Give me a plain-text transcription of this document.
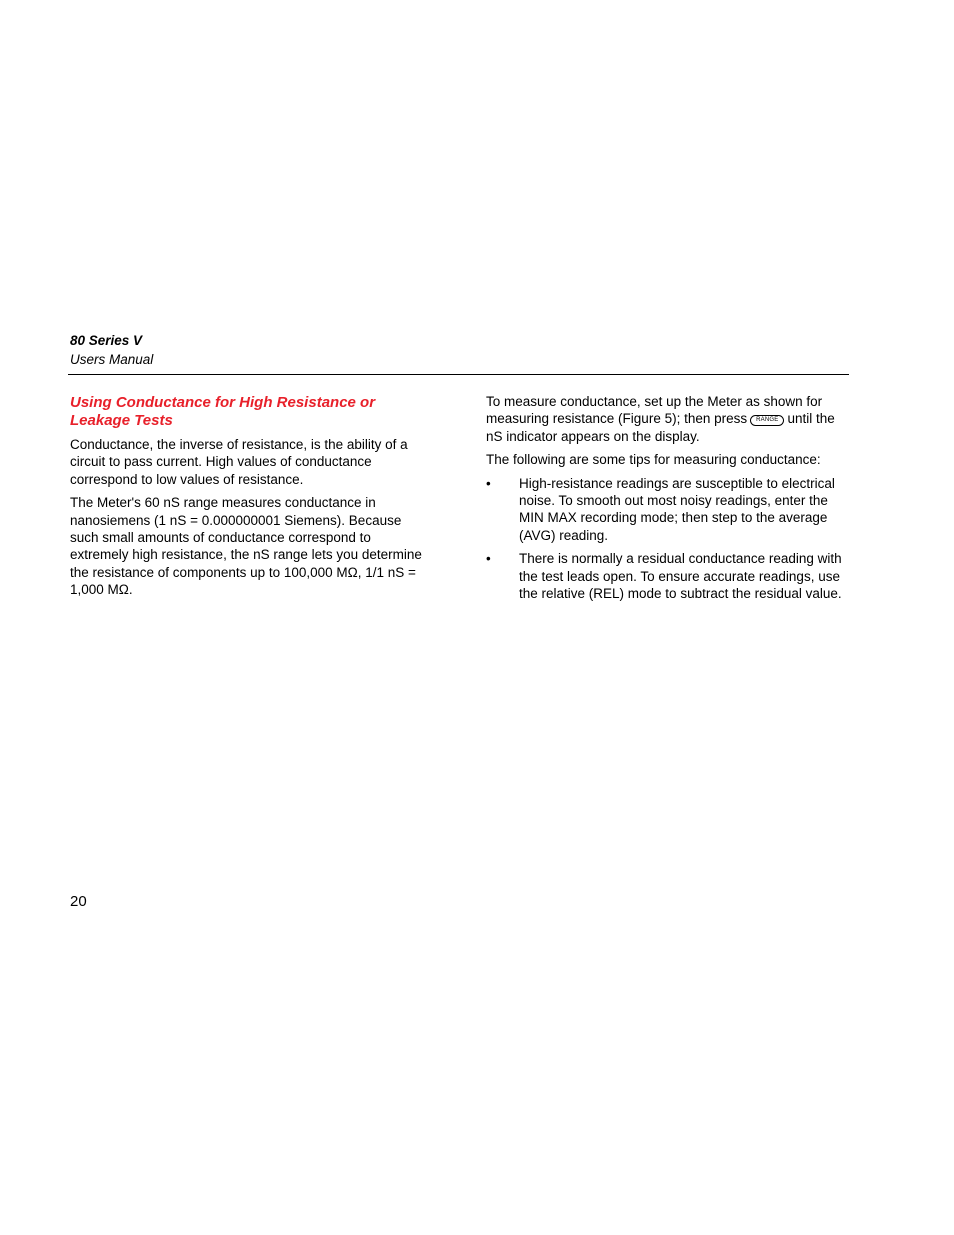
80 Series V
Users Manual
Using Conductance for High Resistance or Leakage Tests

Conductance, the inverse of resistance, is the ability of a circuit to pass current. High values of conductance correspond to low values of resistance.

The Meter's 60 nS range measures conductance in nanosiemens (1 nS = 0.000000001 Siemens). Because such small amounts of conductance correspond to extremely high resistance, the nS range lets you determine the resistance of components up to 100,000 MΩ, 1/1 nS = 1,000 MΩ.

To measure conductance, set up the Meter as shown for measuring resistance (Figure 5); then press RANGE until the nS indicator appears on the display.

The following are some tips for measuring conductance:

• High-resistance readings are susceptible to electrical noise. To smooth out most noisy readings, enter the MIN MAX recording mode; then step to the average (AVG) reading.
• There is normally a residual conductance reading with the test leads open. To ensure accurate readings, use the relative (REL) mode to subtract the residual value.
20
